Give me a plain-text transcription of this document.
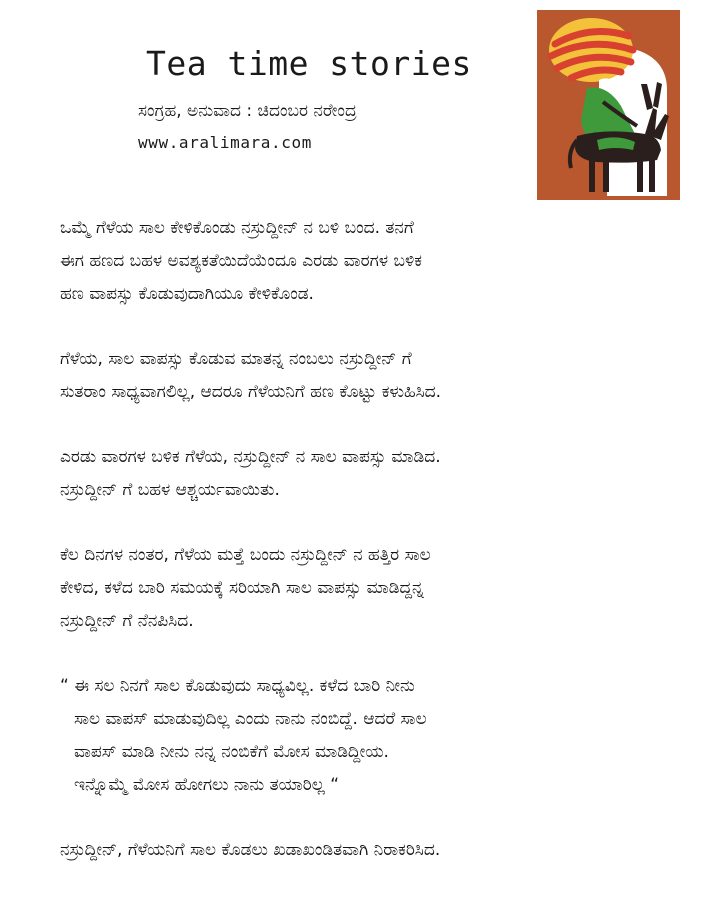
Tea time stories
ಸಂಗ್ರಹ, ಅನುವಾದ : ಚಿದಂಬರ ನರೇಂದ್ರ
www.aralimara.com

ಒಮ್ಮೆ ಗೆಳೆಯ ಸಾಲ ಕೇಳಿಕೊಂಡು ನಸ್ರುದ್ದೀನ್ ನ ಬಳಿ ಬಂದ. ತನಗೆ
ಈಗ ಹಣದ ಬಹಳ ಅವಶ್ಯಕತೆಯಿದೆಯೆಂದೂ ಎರಡು ವಾರಗಳ ಬಳಿಕ
ಹಣ ವಾಪಸ್ಸು ಕೊಡುವುದಾಗಿಯೂ ಕೇಳಿಕೊಂಡ.

ಗೆಳೆಯ, ಸಾಲ ವಾಪಸ್ಸು ಕೊಡುವ ಮಾತನ್ನ ನಂಬಲು ನಸ್ರುದ್ದೀನ್ ಗೆ
ಸುತರಾಂ ಸಾಧ್ಯವಾಗಲಿಲ್ಲ, ಆದರೂ ಗೆಳೆಯನಿಗೆ ಹಣ ಕೊಟ್ಟು ಕಳುಹಿಸಿದ.

ಎರಡು ವಾರಗಳ ಬಳಿಕ ಗೆಳೆಯ, ನಸ್ರುದ್ದೀನ್ ನ ಸಾಲ ವಾಪಸ್ಸು ಮಾಡಿದ.
ನಸ್ರುದ್ದೀನ್ ಗೆ ಬಹಳ ಆಶ್ಚರ್ಯವಾಯಿತು.

ಕೆಲ ದಿನಗಳ ನಂತರ, ಗೆಳೆಯ ಮತ್ತೆ ಬಂದು ನಸ್ರುದ್ದೀನ್ ನ ಹತ್ತಿರ ಸಾಲ
ಕೇಳಿದ, ಕಳೆದ ಬಾರಿ ಸಮಯಕ್ಕೆ ಸರಿಯಾಗಿ ಸಾಲ ವಾಪಸ್ಸು ಮಾಡಿದ್ದನ್ನ
ನಸ್ರುದ್ದೀನ್ ಗೆ ನೆನಪಿಸಿದ.

“ ಈ ಸಲ ನಿನಗೆ ಸಾಲ ಕೊಡುವುದು ಸಾಧ್ಯವಿಲ್ಲ. ಕಳೆದ ಬಾರಿ ನೀನು
ಸಾಲ ವಾಪಸ್ ಮಾಡುವುದಿಲ್ಲ ಎಂದು ನಾನು ನಂಬಿದ್ದೆ. ಆದರೆ ಸಾಲ
ವಾಪಸ್ ಮಾಡಿ ನೀನು ನನ್ನ ನಂಬಿಕೆಗೆ ಮೋಸ ಮಾಡಿದ್ದೀಯ.
ಇನ್ನೊಮ್ಮೆ ಮೋಸ ಹೋಗಲು ನಾನು ತಯಾರಿಲ್ಲ “

ನಸ್ರುದ್ದೀನ್, ಗೆಳೆಯನಿಗೆ ಸಾಲ ಕೊಡಲು ಖಡಾಖಂಡಿತವಾಗಿ ನಿರಾಕರಿಸಿದ.
